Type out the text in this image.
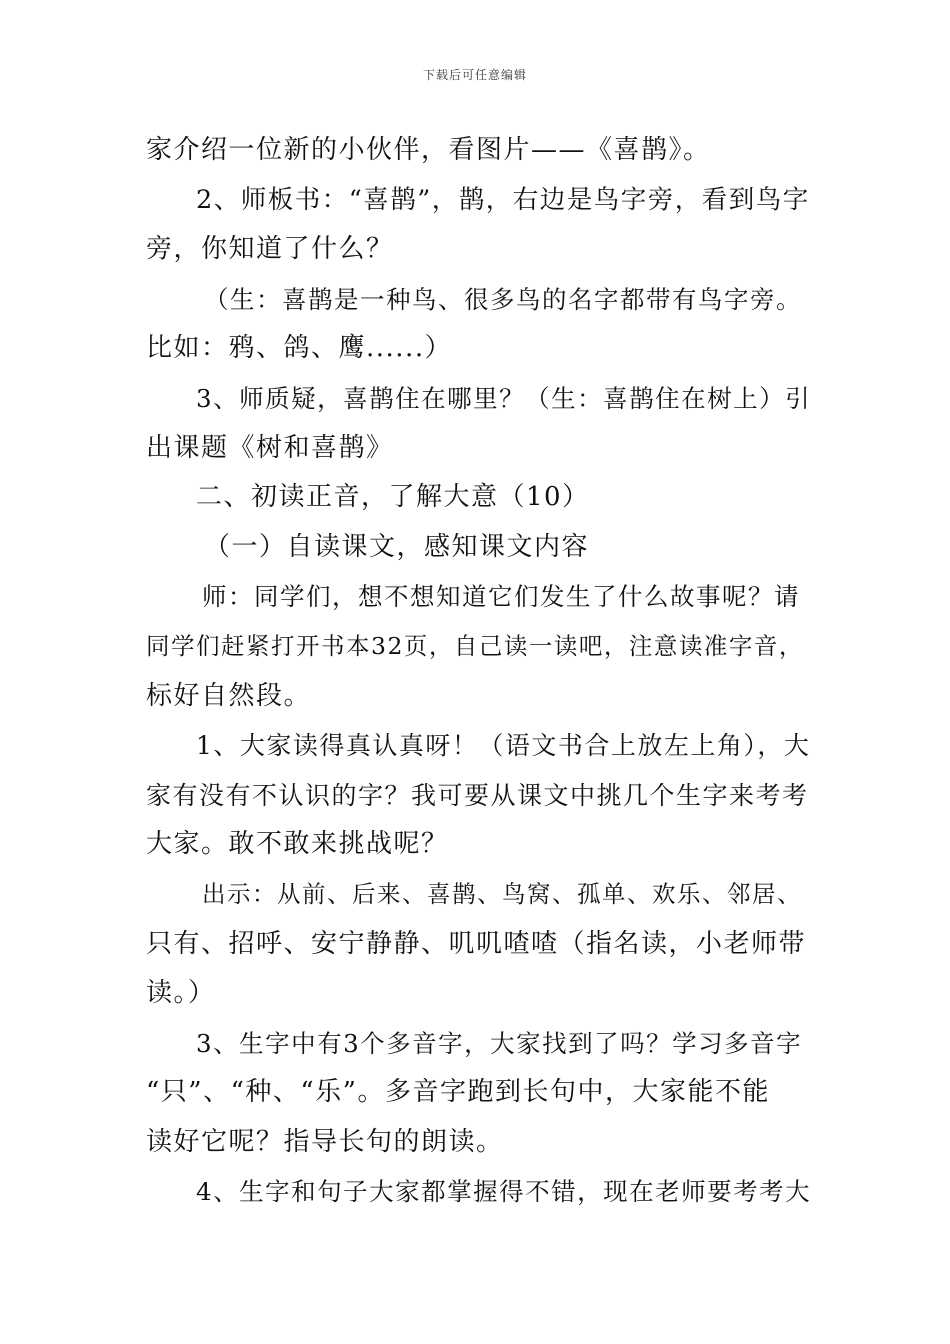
下载后可任意编辑
家介绍一位新的小伙伴，看图片——《喜鹊》。
2、师板书：“喜鹊”，鹊，右边是鸟字旁，看到鸟字
旁，你知道了什么？
（生：喜鹊是一种鸟、很多鸟的名字都带有鸟字旁。
比如：鸦、鸽、鹰......）
3、师质疑，喜鹊住在哪里？（生：喜鹊住在树上）引
出课题《树和喜鹊》
二、初读正音，了解大意（10）
（一）自读课文，感知课文内容
师：同学们，想不想知道它们发生了什么故事呢？请
同学们赶紧打开书本32页，自己读一读吧，注意读准字音，
标好自然段。
1、大家读得真认真呀！（语文书合上放左上角），大
家有没有不认识的字？我可要从课文中挑几个生字来考考
大家。敢不敢来挑战呢？
出示：从前、后来、喜鹊、鸟窝、孤单、欢乐、邻居、
只有、招呼、安宁静静、叽叽喳喳（指名读，小老师带
读。）
3、生字中有3个多音字，大家找到了吗？学习多音字
“只”、“种、“乐”。多音字跑到长句中，大家能不能
读好它呢？指导长句的朗读。
4、生字和句子大家都掌握得不错，现在老师要考考大
